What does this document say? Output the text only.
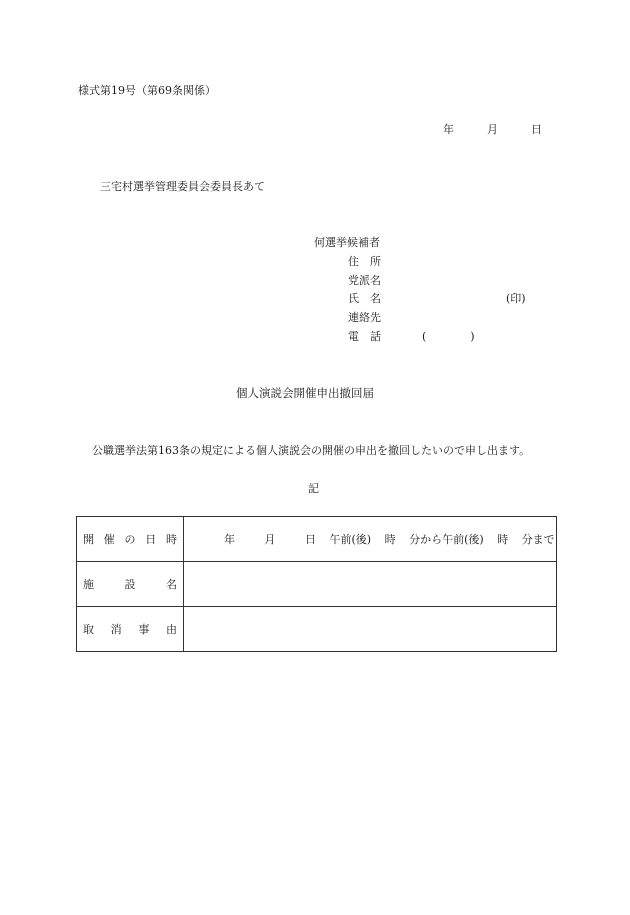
様式第19号（第69条関係）
年	月	日
三宅村選挙管理委員会委員長あて
何選挙候補者
住　所
党派名
氏　名	(印)
連絡先
電　話	(	)
個人演説会開催申出撤回届
公職選挙法第163条の規定による個人演説会の開催の申出を撤回したいので申し出ます。
記
開 催 の 日 時	年 月 日 午前(後) 時 分から午前(後) 時 分まで

施 設 名	

取 消 事 由	
